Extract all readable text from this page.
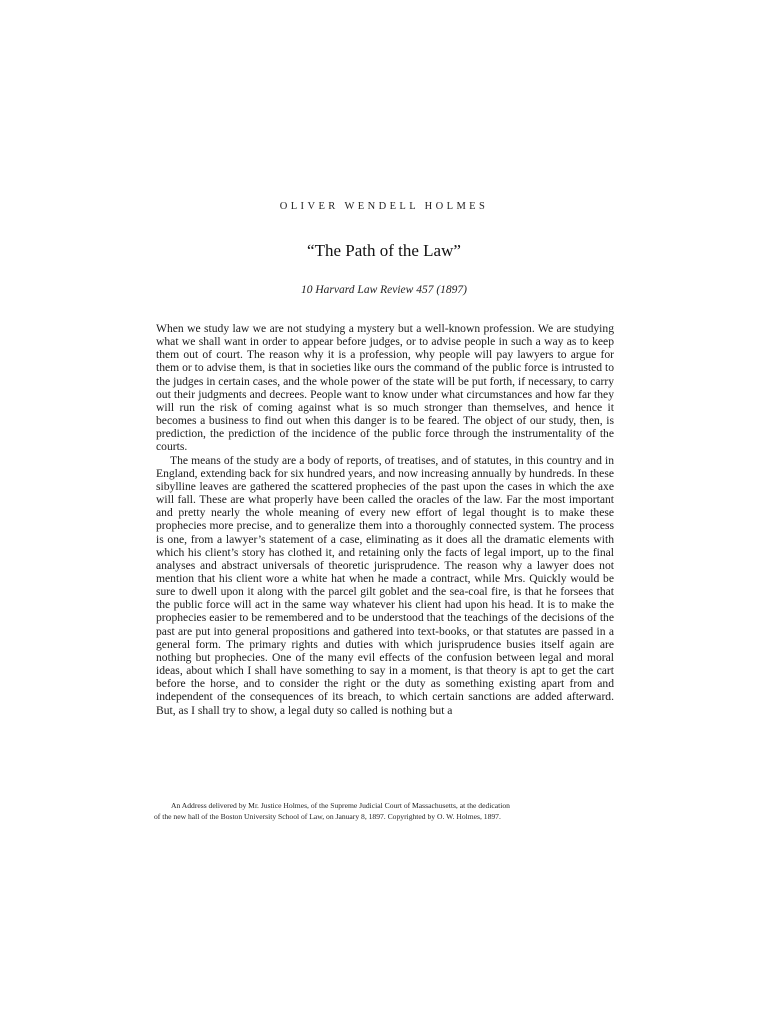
OLIVER WENDELL HOLMES
“The Path of the Law”
10 Harvard Law Review 457 (1897)

When we study law we are not studying a mystery but a well-known profession. We are studying what we shall want in order to appear before judges, or to advise people in such a way as to keep them out of court. The reason why it is a profession, why people will pay lawyers to argue for them or to advise them, is that in societies like ours the command of the public force is intrusted to the judges in certain cases, and the whole power of the state will be put forth, if necessary, to carry out their judgments and decrees. People want to know under what circumstances and how far they will run the risk of coming against what is so much stronger than themselves, and hence it becomes a business to find out when this danger is to be feared. The object of our study, then, is prediction, the prediction of the incidence of the public force through the instrumentality of the courts.

The means of the study are a body of reports, of treatises, and of statutes, in this country and in England, extending back for six hundred years, and now increasing annually by hundreds. In these sibylline leaves are gathered the scattered prophecies of the past upon the cases in which the axe will fall. These are what properly have been called the oracles of the law. Far the most important and pretty nearly the whole meaning of every new effort of legal thought is to make these prophecies more precise, and to generalize them into a thoroughly connected system. The process is one, from a lawyer’s statement of a case, eliminating as it does all the dramatic elements with which his client’s story has clothed it, and retaining only the facts of legal import, up to the final analyses and abstract universals of theoretic jurisprudence. The reason why a lawyer does not mention that his client wore a white hat when he made a contract, while Mrs. Quickly would be sure to dwell upon it along with the parcel gilt goblet and the sea-coal fire, is that he forsees that the public force will act in the same way whatever his client had upon his head. It is to make the prophecies easier to be remembered and to be understood that the teachings of the decisions of the past are put into general propositions and gathered into text-books, or that statutes are passed in a general form. The primary rights and duties with which jurisprudence busies itself again are nothing but prophecies. One of the many evil effects of the confusion between legal and moral ideas, about which I shall have something to say in a moment, is that theory is apt to get the cart before the horse, and to consider the right or the duty as something existing apart from and independent of the consequences of its breach, to which certain sanctions are added afterward. But, as I shall try to show, a legal duty so called is nothing but a

An Address delivered by Mr. Justice Holmes, of the Supreme Judicial Court of Massachusetts, at the dedication
of the new hall of the Boston University School of Law, on January 8, 1897. Copyrighted by O. W. Holmes, 1897.
